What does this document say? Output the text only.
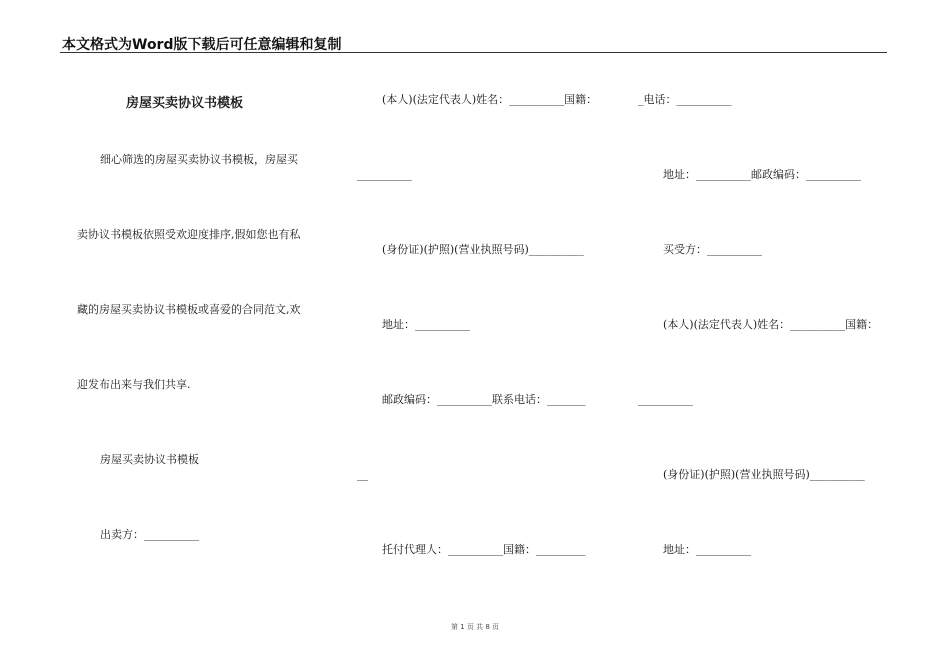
本文格式为Word版下载后可任意编辑和复制
房屋买卖协议书模板
细心筛选的房屋买卖协议书模板，房屋买
卖协议书模板依照受欢迎度排序,假如您也有私
藏的房屋买卖协议书模板或喜爱的合同范文,欢
迎发布出来与我们共享.
房屋买卖协议书模板
出卖方：__________
(本人)(法定代表人)姓名：__________国籍：
__________
(身份证)(护照)(营业执照号码)__________
地址：__________
邮政编码：__________联系电话：_______
__
托付代理人：__________国籍：_________
_电话：__________
地址：__________邮政编码：__________
买受方：__________
(本人)(法定代表人)姓名：__________国籍：
__________
(身份证)(护照)(营业执照号码)__________
地址：__________
第 1 页 共 8 页
